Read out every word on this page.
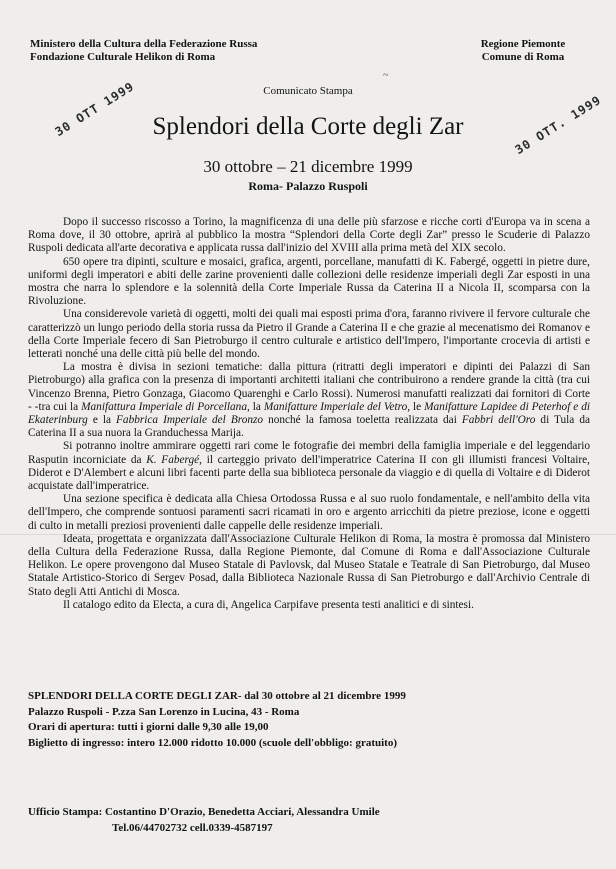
Ministero della Cultura della Federazione Russa
Fondazione Culturale Helikon di Roma
Regione Piemonte
Comune di Roma
Comunicato Stampa
~
30 OTT 1999	30 OTT. 1999
Splendori della Corte degli Zar
30 ottobre – 21 dicembre 1999
Roma- Palazzo Ruspoli

Dopo il successo riscosso a Torino, la magnificenza di una delle più sfarzose e ricche corti d'Europa va in scena a Roma dove, il 30 ottobre, aprirà al pubblico la mostra “Splendori della Corte degli Zar” presso le Scuderie di Palazzo Ruspoli dedicata all'arte decorativa e applicata russa dall'inizio del XVIII alla prima metà del XIX secolo.

650 opere tra dipinti, sculture e mosaici, grafica, argenti, porcellane, manufatti di K. Fabergé, oggetti in pietre dure, uniformi degli imperatori e abiti delle zarine provenienti dalle collezioni delle residenze imperiali degli Zar esposti in una mostra che narra lo splendore e la solennità della Corte Imperiale Russa da Caterina II a Nicola II, scomparsa con la Rivoluzione.

Una considerevole varietà di oggetti, molti dei quali mai esposti prima d'ora, faranno rivivere il fervore culturale che caratterizzò un lungo periodo della storia russa da Pietro il Grande a Caterina II e che grazie al mecenatismo dei Romanov e della Corte Imperiale fecero di San Pietroburgo il centro culturale e artistico dell'Impero, l'importante crocevia di artisti e letterati nonché una delle città più belle del mondo.

La mostra è divisa in sezioni tematiche: dalla pittura (ritratti degli imperatori e dipinti dei Palazzi di San Pietroburgo) alla grafica con la presenza di importanti architetti italiani che contribuirono a rendere grande la città (tra cui Vincenzo Brenna, Pietro Gonzaga, Giacomo Quarenghi e Carlo Rossi). Numerosi manufatti realizzati dai fornitori di Corte - -tra cui la Manifattura Imperiale di Porcellana, la Manifatture Imperiale del Vetro, le Manifatture Lapidee di Peterhof e di Ekaterinburg e la Fabbrica Imperiale del Bronzo nonché la famosa toeletta realizzata dai Fabbri dell'Oro di Tula da Caterina II a sua nuora la Granduchessa Marija.

Si potranno inoltre ammirare oggetti rari come le fotografie dei membri della famiglia imperiale e del leggendario Rasputin incorniciate da K. Fabergé, il carteggio privato dell'imperatrice Caterina II con gli illumisti francesi Voltaire, Diderot e D'Alembert e alcuni libri facenti parte della sua biblioteca personale da viaggio e di quella di Voltaire e di Diderot acquistate dall'imperatrice.

Una sezione specifica è dedicata alla Chiesa Ortodossa Russa e al suo ruolo fondamentale, e nell'ambito della vita dell'Impero, che comprende sontuosi paramenti sacri ricamati in oro e argento arricchiti da pietre preziose, icone e oggetti di culto in metalli preziosi provenienti dalle cappelle delle residenze imperiali.

Ideata, progettata e organizzata dall'Associazione Culturale Helikon di Roma, la mostra è promossa dal Ministero della Cultura della Federazione Russa, dalla Regione Piemonte, dal Comune di Roma e dall'Associazione Culturale Helikon. Le opere provengono dal Museo Statale di Pavlovsk, dal Museo Statale e Teatrale di San Pietroburgo, dal Museo Statale Artistico-Storico di Sergev Posad, dalla Biblioteca Nazionale Russa di San Pietroburgo e dall'Archivio Centrale di Stato degli Atti Antichi di Mosca.

Il catalogo edito da Electa, a cura di, Angelica Carpifave presenta testi analitici e di sintesi.

SPLENDORI DELLA CORTE DEGLI ZAR- dal 30 ottobre al 21 dicembre 1999
Palazzo Ruspoli - P.zza San Lorenzo in Lucina, 43 - Roma
Orari di apertura: tutti i giorni dalle 9,30 alle 19,00
Biglietto di ingresso: intero 12.000 ridotto 10.000 (scuole dell'obbligo: gratuito)
Ufficio Stampa: Costantino D'Orazio, Benedetta Acciari, Alessandra Umile
Tel.06/44702732 cell.0339-4587197
